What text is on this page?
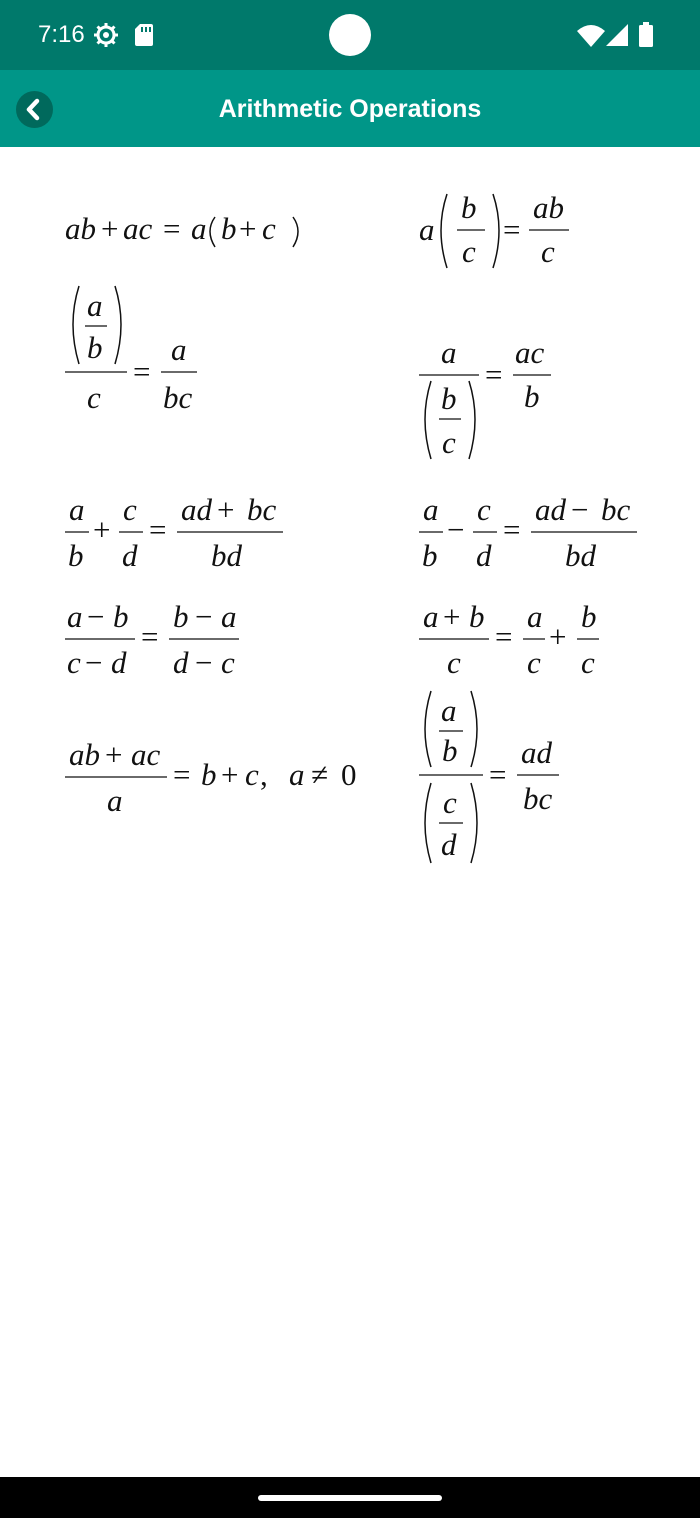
7:16
Arithmetic Operations
ab + ac = a b + c	a
b
c
=
ab
c
a
b
c
=
a
bc
a
b
c
=
ac
b
a
b
+
c
d
=
ad + bc
bd
a
b
−
c
d
=
ad − bc
bd
a − b
c − d
=
b − a
d − c
a + b
c
=
a
c
+
b
c
ab + ac
a
= b + c , a ≠ 0
a
b
c
d
=
ad
bc
